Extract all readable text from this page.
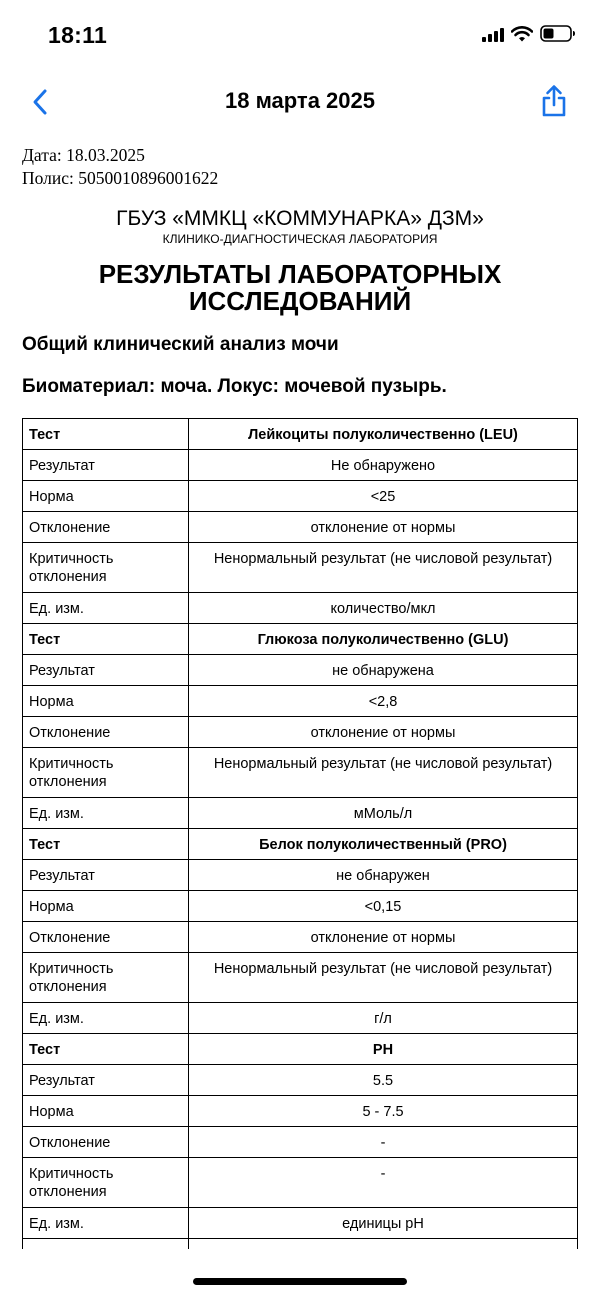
18:11
18 марта 2025
Дата: 18.03.2025
Полис: 5050010896001622
ГБУЗ «ММКЦ «КОММУНАРКА» ДЗМ»
КЛИНИКО-ДИАГНОСТИЧЕСКАЯ ЛАБОРАТОРИЯ
РЕЗУЛЬТАТЫ ЛАБОРАТОРНЫХ ИССЛЕДОВАНИЙ
Общий клинический анализ мочи
Биоматериал: моча. Локус: мочевой пузырь.
Тест	Лейкоциты полуколичественно (LEU)
Результат	Не обнаружено
Норма	<25
Отклонение	отклонение от нормы
Критичность отклонения	Ненормальный результат (не числовой результат)
Ед. изм.	количество/мкл
Тест	Глюкоза полуколичественно (GLU)
Результат	не обнаружена
Норма	<2,8
Отклонение	отклонение от нормы
Критичность отклонения	Ненормальный результат (не числовой результат)
Ед. изм.	мМоль/л
Тест	Белок полуколичественный (PRO)
Результат	не обнаружен
Норма	<0,15
Отклонение	отклонение от нормы
Критичность отклонения	Ненормальный результат (не числовой результат)
Ед. изм.	г/л
Тест	PH
Результат	5.5
Норма	5 - 7.5
Отклонение	-
Критичность отклонения	-
Ед. изм.	единицы pH
